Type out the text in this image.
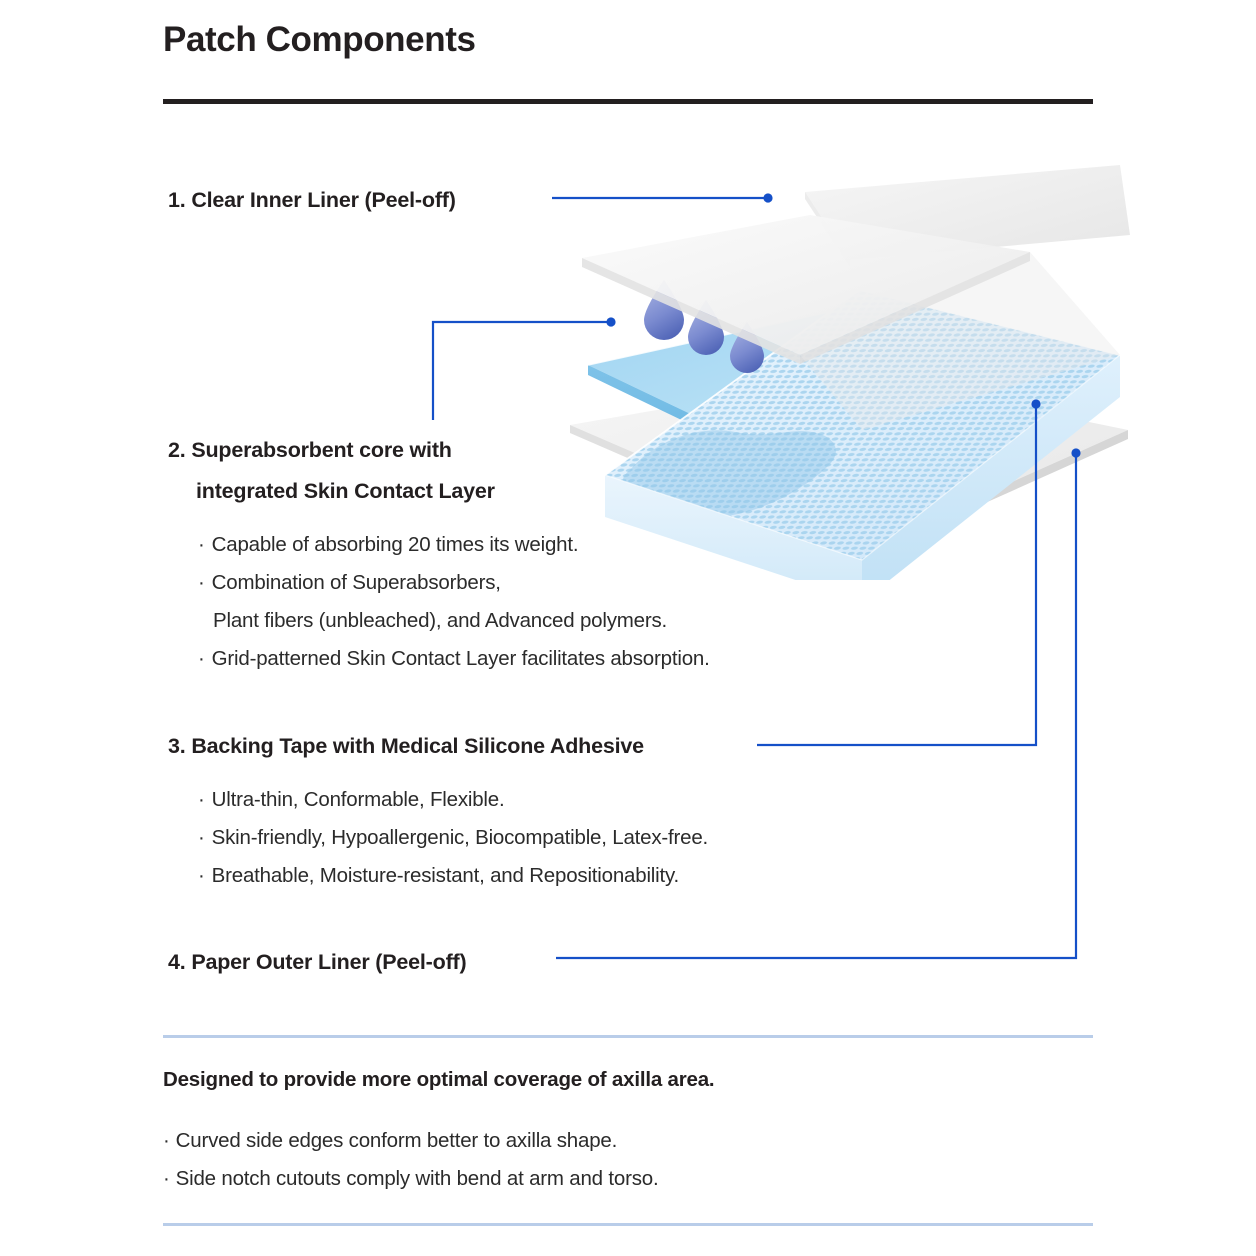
Patch Components
1. Clear Inner Liner (Peel-off)
2. Superabsorbent core with
integrated Skin Contact Layer
· Capable of absorbing 20 times its weight.
· Combination of Superabsorbers,
Plant fibers (unbleached), and Advanced polymers.
· Grid-patterned Skin Contact Layer facilitates absorption.
3. Backing Tape with Medical Silicone Adhesive
· Ultra-thin, Conformable, Flexible.
· Skin-friendly, Hypoallergenic, Biocompatible, Latex-free.
· Breathable, Moisture-resistant, and Repositionability.
4. Paper Outer Liner (Peel-off)
Designed to provide more optimal coverage of axilla area.
· Curved side edges conform better to axilla shape.
· Side notch cutouts comply with bend at arm and torso.
